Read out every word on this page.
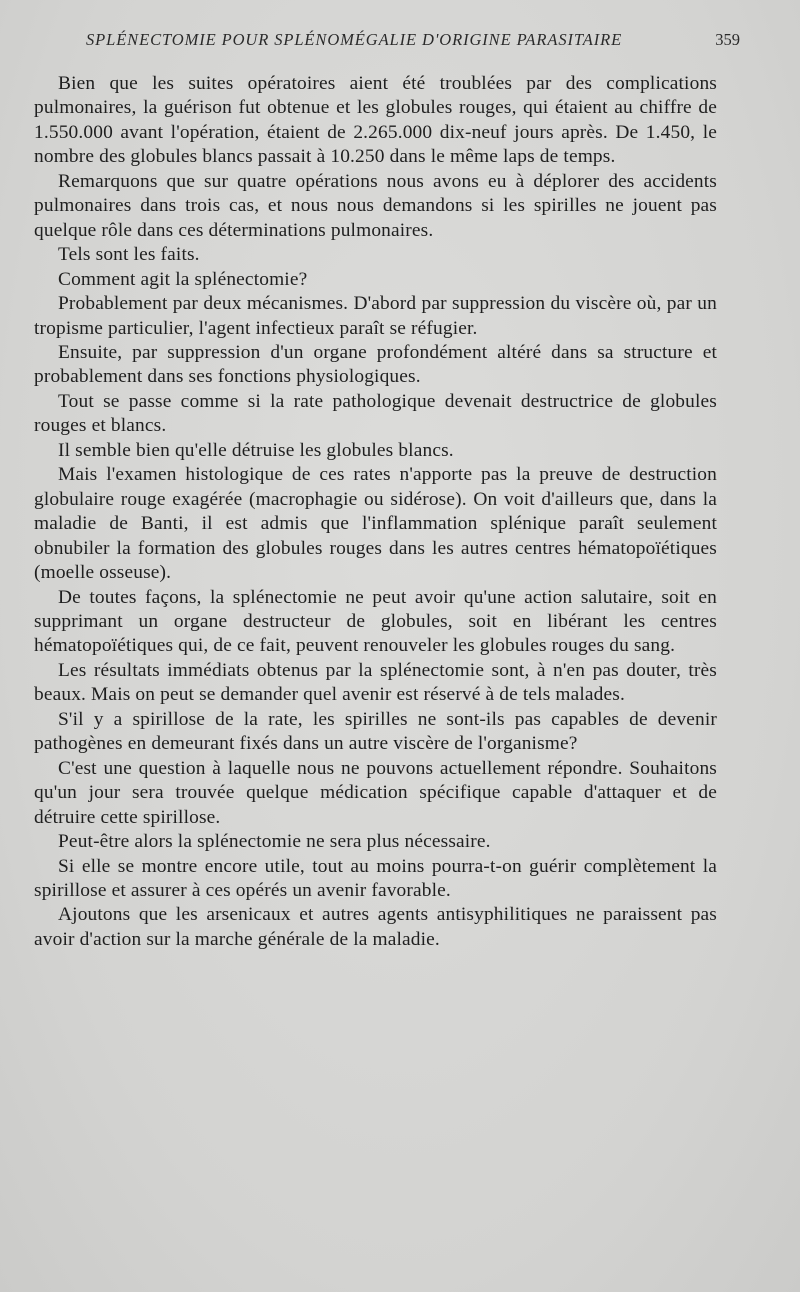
SPLÉNECTOMIE POUR SPLÉNOMÉGALIE D'ORIGINE PARASITAIRE	359

Bien que les suites opératoires aient été troublées par des complications pulmonaires, la guérison fut obtenue et les globules rouges, qui étaient au chiffre de 1.550.000 avant l'opération, étaient de 2.265.000 dix-neuf jours après. De 1.450, le nombre des globules blancs passait à 10.250 dans le même laps de temps.

Remarquons que sur quatre opérations nous avons eu à déplorer des accidents pulmonaires dans trois cas, et nous nous demandons si les spirilles ne jouent pas quelque rôle dans ces déterminations pulmonaires.

Tels sont les faits.

Comment agit la splénectomie?

Probablement par deux mécanismes. D'abord par suppression du viscère où, par un tropisme particulier, l'agent infectieux paraît se réfugier.

Ensuite, par suppression d'un organe profondément altéré dans sa structure et probablement dans ses fonctions physiologiques.

Tout se passe comme si la rate pathologique devenait destructrice de globules rouges et blancs.

Il semble bien qu'elle détruise les globules blancs.

Mais l'examen histologique de ces rates n'apporte pas la preuve de destruction globulaire rouge exagérée (macrophagie ou sidérose). On voit d'ailleurs que, dans la maladie de Banti, il est admis que l'inflammation splénique paraît seulement obnubiler la formation des globules rouges dans les autres centres hématopoïétiques (moelle osseuse).

De toutes façons, la splénectomie ne peut avoir qu'une action salutaire, soit en supprimant un organe destructeur de globules, soit en libérant les centres hématopoïétiques qui, de ce fait, peuvent renouveler les globules rouges du sang.

Les résultats immédiats obtenus par la splénectomie sont, à n'en pas douter, très beaux. Mais on peut se demander quel avenir est réservé à de tels malades.

S'il y a spirillose de la rate, les spirilles ne sont-ils pas capables de devenir pathogènes en demeurant fixés dans un autre viscère de l'organisme?

C'est une question à laquelle nous ne pouvons actuellement répondre. Souhaitons qu'un jour sera trouvée quelque médication spécifique capable d'attaquer et de détruire cette spirillose.

Peut-être alors la splénectomie ne sera plus nécessaire.

Si elle se montre encore utile, tout au moins pourra-t-on guérir complètement la spirillose et assurer à ces opérés un avenir favorable.

Ajoutons que les arsenicaux et autres agents antisyphilitiques ne paraissent pas avoir d'action sur la marche générale de la maladie.
